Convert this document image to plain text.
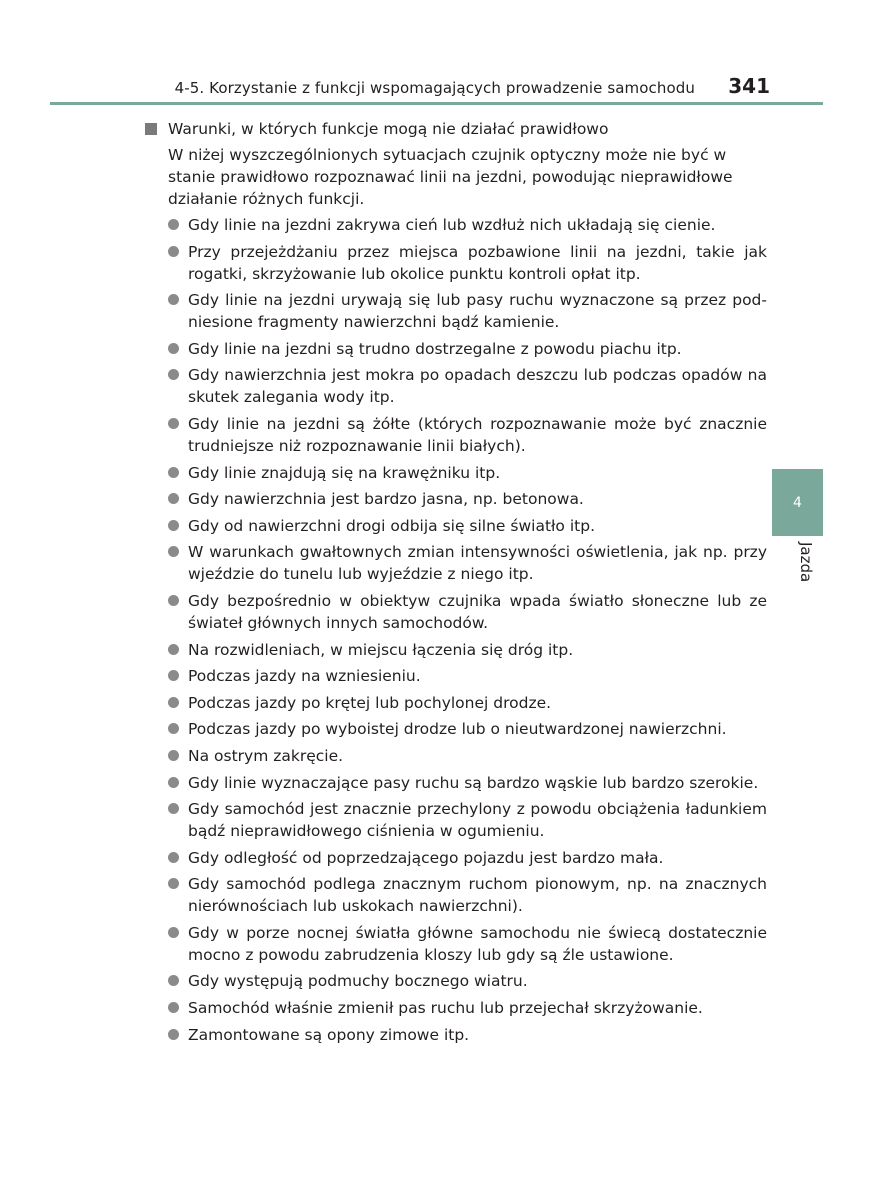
4-5. Korzystanie z funkcji wspomagających prowadzenie samochodu 341
Warunki, w których funkcje mogą nie działać prawidłowo
W niżej wyszczególnionych sytuacjach czujnik optyczny może nie być w stanie prawidłowo rozpoznawać linii na jezdni, powodując nieprawidłowe działanie różnych funkcji.
Gdy linie na jezdni zakrywa cień lub wzdłuż nich układają się cienie.
Przy przejeżdżaniu przez miejsca pozbawione linii na jezdni, takie jak rogatki, skrzyżowanie lub okolice punktu kontroli opłat itp.
Gdy linie na jezdni urywają się lub pasy ruchu wyznaczone są przez podniesione fragmenty nawierzchni bądź kamienie.
Gdy linie na jezdni są trudno dostrzegalne z powodu piachu itp.
Gdy nawierzchnia jest mokra po opadach deszczu lub podczas opadów na skutek zalegania wody itp.
Gdy linie na jezdni są żółte (których rozpoznawanie może być znacznie trudniejsze niż rozpoznawanie linii białych).
Gdy linie znajdują się na krawężniku itp.
Gdy nawierzchnia jest bardzo jasna, np. betonowa.
Gdy od nawierzchni drogi odbija się silne światło itp.
W warunkach gwałtownych zmian intensywności oświetlenia, jak np. przy wjeździe do tunelu lub wyjeździe z niego itp.
Gdy bezpośrednio w obiektyw czujnika wpada światło słoneczne lub ze świateł głównych innych samochodów.
Na rozwidleniach, w miejscu łączenia się dróg itp.
Podczas jazdy na wzniesieniu.
Podczas jazdy po krętej lub pochylonej drodze.
Podczas jazdy po wyboistej drodze lub o nieutwardzonej nawierzchni.
Na ostrym zakręcie.
Gdy linie wyznaczające pasy ruchu są bardzo wąskie lub bardzo szerokie.
Gdy samochód jest znacznie przechylony z powodu obciążenia ładunkiem bądź nieprawidłowego ciśnienia w ogumieniu.
Gdy odległość od poprzedzającego pojazdu jest bardzo mała.
Gdy samochód podlega znacznym ruchom pionowym, np. na znacznych nierównościach lub uskokach nawierzchni).
Gdy w porze nocnej światła główne samochodu nie świecą dostatecznie mocno z powodu zabrudzenia kloszy lub gdy są źle ustawione.
Gdy występują podmuchy bocznego wiatru.
Samochód właśnie zmienił pas ruchu lub przejechał skrzyżowanie.
Zamontowane są opony zimowe itp.
4
Jazda
